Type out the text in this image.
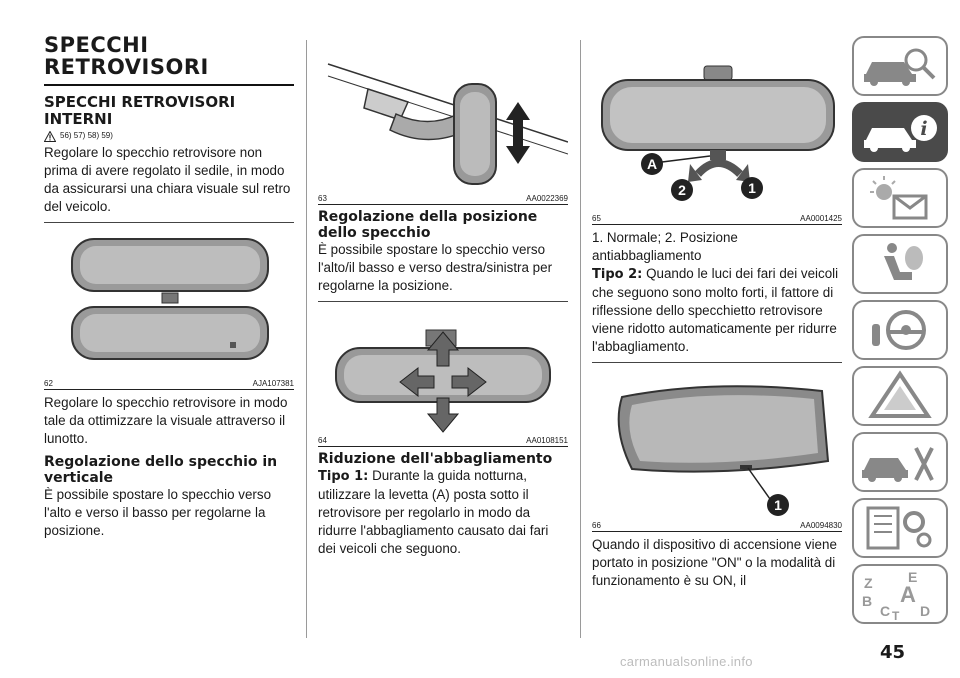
SPECCHI
RETROVISORI
SPECCHI RETROVISORI
INTERNI
56) 57) 58) 59)

Regolare lo specchio retrovisore non prima di avere regolato il sedile, in modo da assicurarsi una chiara visuale sul retro del veicolo.

62	AJA107381

Regolare lo specchio retrovisore in modo tale da ottimizzare la visuale attraverso il lunotto.

Regolazione dello specchio in verticale

È possibile spostare lo specchio verso l'alto e verso il basso per regolarne la posizione.

63	AA0022369
Regolazione della posizione dello specchio

È possibile spostare lo specchio verso l'alto/il basso e verso destra/sinistra per regolarne la posizione.

64	AA0108151
Riduzione dell'abbagliamento

Tipo 1: Durante la guida notturna, utilizzare la levetta (A) posta sotto il retrovisore per regolarlo in modo da ridurre l'abbagliamento causato dai fari dei veicoli che seguono.

A
2	1
65	AA0001425

1. Normale; 2. Posizione antiabbagliamento

Tipo 2: Quando le luci dei fari dei veicoli che seguono sono molto forti, il fattore di riflessione dello specchietto retrovisore viene ridotto automaticamente per ridurre l'abbagliamento.

1
66	AA0094830

Quando il dispositivo di accensione viene portato in posizione "ON" o la modalità di funzionamento è su ON, il

i
Z	E
B A
C D
T
45
carmanualsonline.info
